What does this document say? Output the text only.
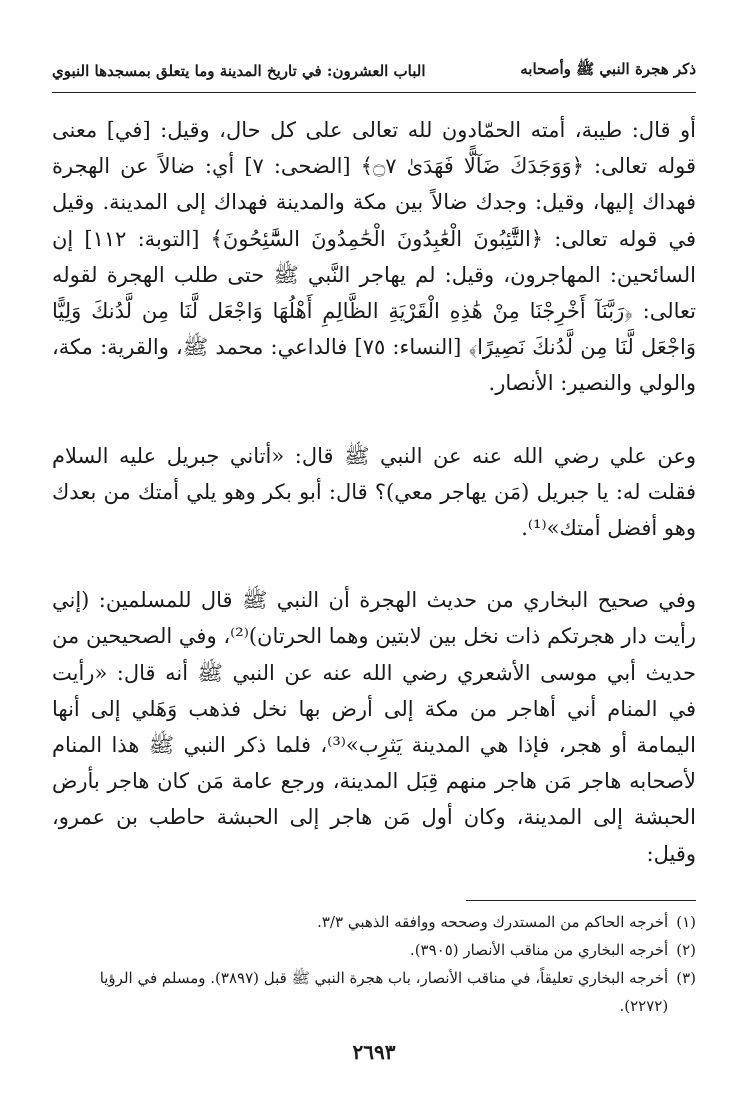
ذكر هجرة النبي ﷺ وأصحابه
الباب العشرون: في تاريخ المدينة وما يتعلق بمسجدها النبوي

أو قال: طيبة، أمته الحمّادون لله تعالى على كل حال، وقيل: [في] معنى قوله تعالى: ﴿وَوَجَدَكَ ضَآلًّا فَهَدَىٰ ۝٧﴾ [الضحى: ٧] أي: ضالاً عن الهجرة فهداك إليها، وقيل: وجدك ضالاً بين مكة والمدينة فهداك إلى المدينة. وقيل في قوله تعالى: ﴿التَّٰٓئِبُونَ الْعَٰبِدُونَ الْحَٰمِدُونَ السَّٰٓئِحُونَ﴾ [التوبة: ١١٢] إن السائحين: المهاجرون، وقيل: لم يهاجر النَّبي ﷺ حتى طلب الهجرة لقوله تعالى: ﴿رَبَّنَآ أَخْرِجْنَا مِنْ هَٰذِهِ الْقَرْيَةِ الظَّالِمِ أَهْلُهَا وَاجْعَل لَّنَا مِن لَّدُنكَ وَلِيًّا وَاجْعَل لَّنَا مِن لَّدُنكَ نَصِيرًا﴾ [النساء: ٧٥] فالداعي: محمد ﷺ، والقرية: مكة، والولي والنصير: الأنصار.

وعن علي رضي الله عنه عن النبي ﷺ قال: «أتاني جبريل عليه السلام فقلت له: يا جبريل (مَن يهاجر معي)؟ قال: أبو بكر وهو يلي أمتك من بعدك وهو أفضل أمتك»⁽¹⁾.

وفي صحيح البخاري من حديث الهجرة أن النبي ﷺ قال للمسلمين: (إني رأيت دار هجرتكم ذات نخل بين لابتين وهما الحرتان)⁽²⁾، وفي الصحيحين من حديث أبي موسى الأشعري رضي الله عنه عن النبي ﷺ أنه قال: «رأيت في المنام أني أهاجر من مكة إلى أرض بها نخل فذهب وَهَلي إلى أنها اليمامة أو هجر، فإذا هي المدينة يَثرِب»⁽³⁾، فلما ذكر النبي ﷺ هذا المنام لأصحابه هاجر مَن هاجر منهم قِبَل المدينة، ورجع عامة مَن كان هاجر بأرض الحبشة إلى المدينة، وكان أول مَن هاجر إلى الحبشة حاطب بن عمرو، وقيل:

(١)
أخرجه الحاكم من المستدرك وصححه ووافقه الذهبي ٣/٣.
(٢)
أخرجه البخاري من مناقب الأنصار (٣٩٠٥).
(٣)
أخرجه البخاري تعليقاً، في مناقب الأنصار، باب هجرة النبي ﷺ قبل (٣٨٩٧). ومسلم في الرؤيا (٢٢٧٢).
٢٦٩٣
